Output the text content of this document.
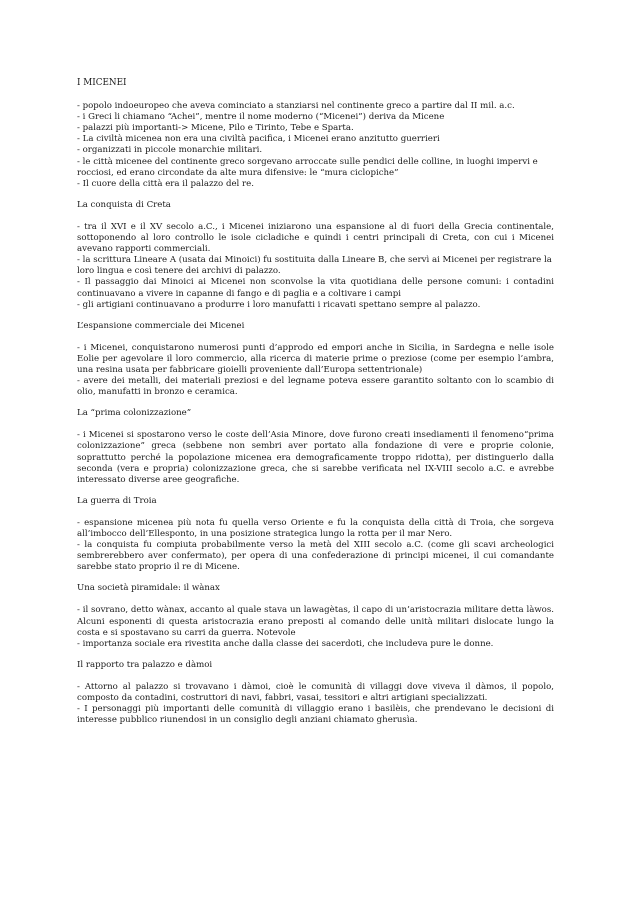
I MICENEI

- popolo indoeuropeo che aveva cominciato a stanziarsi nel continente greco a partire dal II mil. a.c.

- i Greci li chiamano “Achei”, mentre il nome moderno (“Micenei”) deriva da Micene

- palazzi più importanti-> Micene, Pilo e Tirinto, Tebe e Sparta.

- La civiltà micenea non era una civiltà pacifica, i Micenei erano anzitutto guerrieri

- organizzati in piccole monarchie militari.

- le città micenee del continente greco sorgevano arroccate sulle pendici delle colline, in luoghi impervi e rocciosi, ed erano circondate da alte mura difensive: le “mura ciclopiche”

- Il cuore della città era il palazzo del re.

La conquista di Creta

- tra il XVI e il XV secolo a.C., i Micenei iniziarono una espansione al di fuori della Grecia continentale, sottoponendo al loro controllo le isole cicladiche e quindi i centri principali di Creta, con cui i Micenei avevano rapporti commerciali.

- la scrittura Lineare A (usata dai Minoici) fu sostituita dalla Lineare B, che servì ai Micenei per registrare la loro lingua e così tenere dei archivi di palazzo.

- Il passaggio dai Minoici ai Micenei non sconvolse la vita quotidiana delle persone comuni: i contadini continuavano a vivere in capanne di fango e di paglia e a coltivare i campi

- gli artigiani continuavano a produrre i loro manufatti i ricavati spettano sempre al palazzo.

L’espansione commerciale dei Micenei

- i Micenei, conquistarono numerosi punti d’approdo ed empori anche in Sicilia, in Sardegna e nelle isole Eolie per agevolare il loro commercio, alla ricerca di materie prime o preziose (come per esempio l’ambra, una resina usata per fabbricare gioielli proveniente dall’Europa settentrionale)

- avere dei metalli, dei materiali preziosi e del legname poteva essere garantito soltanto con lo scambio di olio, manufatti in bronzo e ceramica.

La “prima colonizzazione”

- i Micenei si spostarono verso le coste dell’Asia Minore, dove furono creati insediamenti il fenomeno“prima colonizzazione” greca (sebbene non sembri aver portato alla fondazione di vere e proprie colonie, soprattutto perché la popolazione micenea era demograficamente troppo ridotta), per distinguerlo dalla seconda (vera e propria) colonizzazione greca, che si sarebbe verificata nel IX-VIII secolo a.C. e avrebbe interessato diverse aree geografiche.

La guerra di Troia

- espansione micenea più nota fu quella verso Oriente e fu la conquista della città di Troia, che sorgeva all’imbocco dell’Ellesponto, in una posizione strategica lungo la rotta per il mar Nero.

- la conquista fu compiuta probabilmente verso la metà del XIII secolo a.C. (come gli scavi archeologici sembrerebbero aver confermato), per opera di una confederazione di principi micenei, il cui comandante sarebbe stato proprio il re di Micene.

Una società piramidale: il wànax

- il sovrano, detto wànax, accanto al quale stava un lawagètas, il capo di un’aristocrazia militare detta làwos. Alcuni esponenti di questa aristocrazia erano preposti al comando delle unità militari dislocate lungo la costa e si spostavano su carri da guerra. Notevole

- importanza sociale era rivestita anche dalla classe dei sacerdoti, che includeva pure le donne.

Il rapporto tra palazzo e dàmoi

- Attorno al palazzo si trovavano i dàmoi, cioè le comunità di villaggi dove viveva il dàmos, il popolo, composto da contadini, costruttori di navi, fabbri, vasai, tessitori e altri artigiani specializzati.

- I personaggi più importanti delle comunità di villaggio erano i basilèis, che prendevano le decisioni di interesse pubblico riunendosi in un consiglio degli anziani chiamato gherusìa.
